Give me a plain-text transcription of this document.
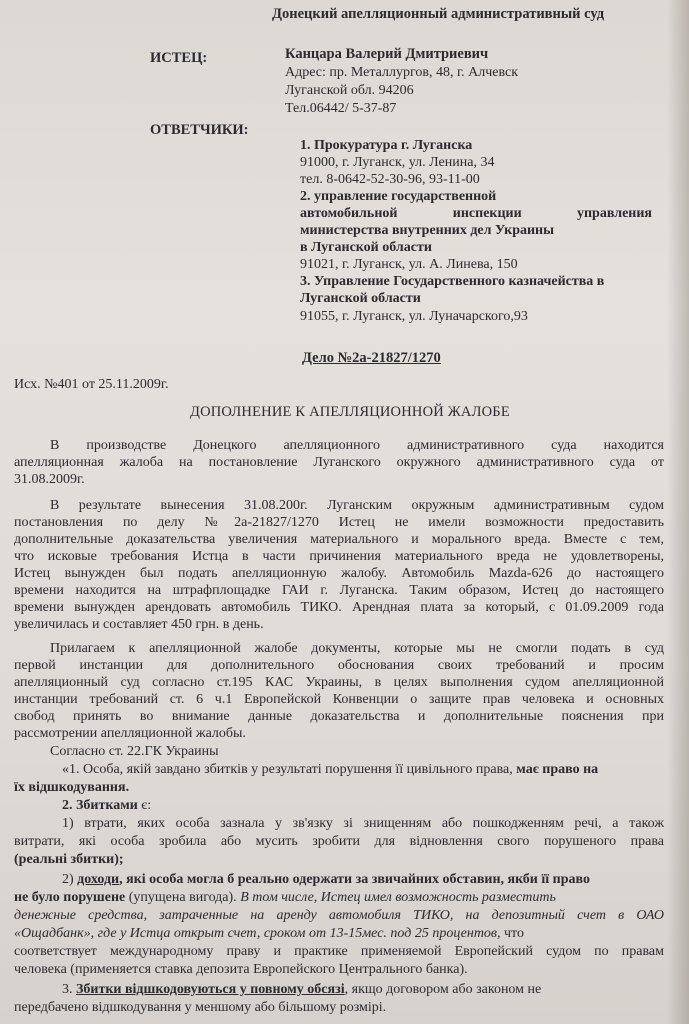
Донецкий апелляционный административный суд
ИСТЕЦ:	Канцара Валерий Дмитриевич
Адрес: пр. Металлургов, 48, г. Алчевск
Луганской обл. 94206
Тел.06442/ 5-37-87
ОТВЕТЧИКИ:
1. Прокуратура г. Луганска
91000, г. Луганск, ул. Ленина, 34
тел. 8-0642-52-30-96, 93-11-00
2. управление государственной
автомобильной инспекции управления
министерства внутренних дел Украины
в Луганской области
91021, г. Луганск, ул. А. Линева, 150
3. Управление Государственного казначейства в
Луганской области
91055, г. Луганск, ул. Луначарского,93
Дело №2а-21827/1270
Исх. №401 от 25.11.2009г.
ДОПОЛНЕНИЕ К АПЕЛЛЯЦИОННОЙ ЖАЛОБЕ
В производстве Донецкого апелляционного административного суда находится
апелляционная жалоба на постановление Луганского окружного административного суда от
31.08.2009г.
В результате вынесения 31.08.200г. Луганским окружным административным судом
постановления по делу №2а-21827/1270 Истец не имели возможности предоставить
дополнительные доказательства увеличения материального и морального вреда. Вместе с тем,
что исковые требования Истца в части причинения материального вреда не удовлетворены,
Истец вынужден был подать апелляционную жалобу. Автомобиль Mazda-626 до настоящего
времени находится на штрафплощадке ГАИ г. Луганска. Таким образом, Истец до настоящего
времени вынужден арендовать автомобиль ТИКО. Арендная плата за который, с 01.09.2009 года
увеличилась и составляет 450 грн. в день.
Прилагаем к апелляционной жалобе документы, которые мы не смогли подать в суд
первой инстанции для дополнительного обоснования своих требований и просим
апелляционный суд согласно ст.195 КАС Украины, в целях выполнения судом апелляционной
инстанции требований ст. 6 ч.1 Европейской Конвенции о защите прав человека и основных
свобод принять во внимание данные доказательства и дополнительные пояснения при
рассмотрении апелляционной жалобы.
Согласно ст. 22.ГК Украины
«1. Особа, якій завдано збитків у результаті порушення її цивільного права, має право на
їх відшкодування.
2. Збитками є:
1) втрати, яких особа зазнала у зв'язку зі знищенням або пошкодженням речі, а також
витрати, які особа зробила або мусить зробити для відновлення свого порушеного права
(реальні збитки);
2) доходи, які особа могла б реально одержати за звичайних обставин, якби її право
не було порушене (упущена вигода). В том числе, Истец имел возможность разместить
денежные средства, затраченные на аренду автомобиля ТИКО, на депозитный счет в ОАО
«Ощадбанк», где у Истца открыт счет, сроком от 13-15мес. под 25 процентов, что
соответствует международному праву и практике применяемой Европейский судом по правам
человека (применяется ставка депозита Европейского Центрального банка).
3. Збитки відшкодовуються у повному обсязі, якщо договором або законом не
передбачено відшкодування у меншому або більшому розмірі.
